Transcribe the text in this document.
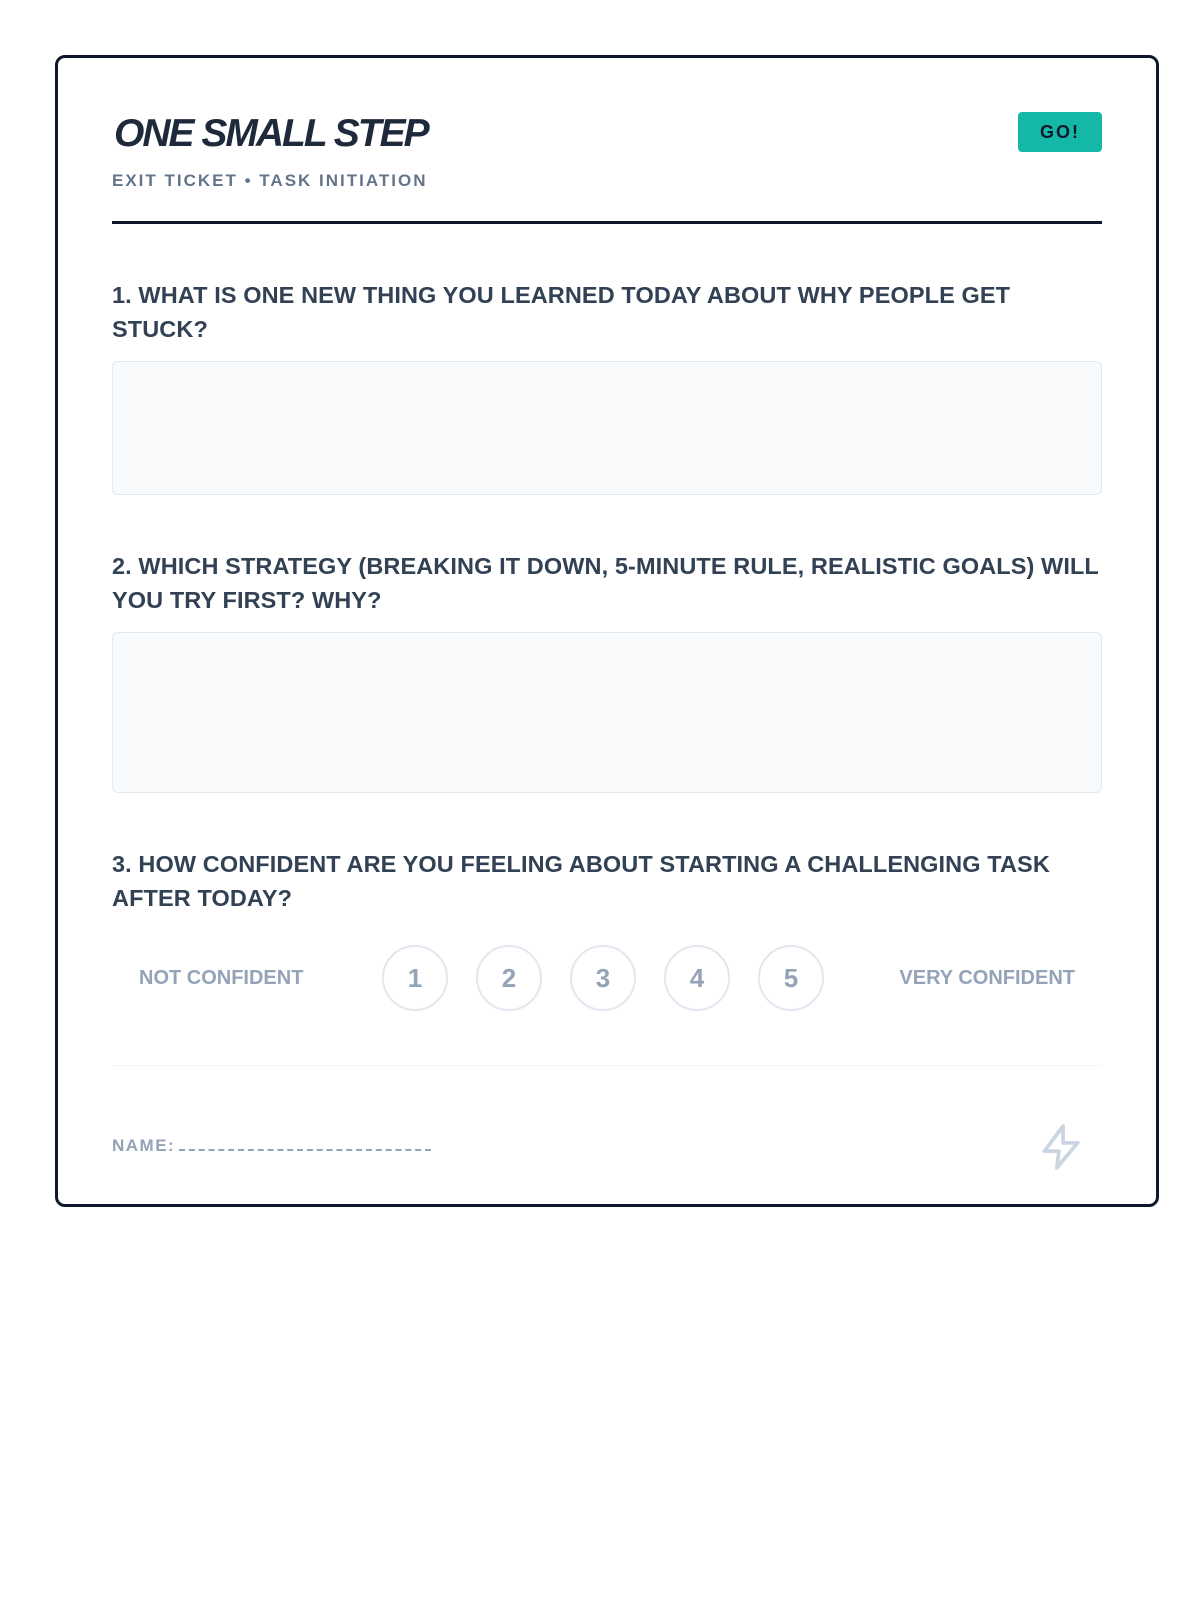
ONE SMALL STEP
EXIT TICKET • TASK INITIATION
GO!

1. WHAT IS ONE NEW THING YOU LEARNED TODAY ABOUT WHY PEOPLE GET STUCK?

2. WHICH STRATEGY (BREAKING IT DOWN, 5-MINUTE RULE, REALISTIC GOALS) WILL YOU TRY FIRST? WHY?

3. HOW CONFIDENT ARE YOU FEELING ABOUT STARTING A CHALLENGING TASK AFTER TODAY?

NOT CONFIDENT	1	2	3	4	5	VERY CONFIDENT
NAME:
